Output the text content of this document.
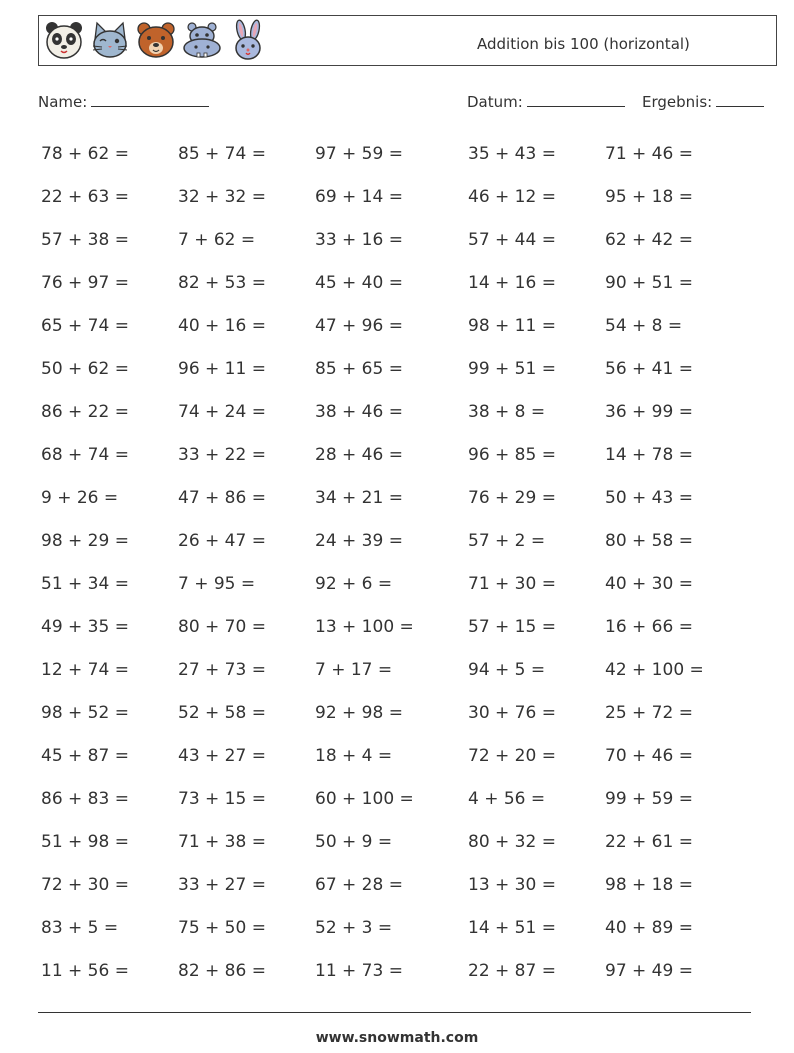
Addition bis 100 (horizontal)
Name:	Datum:	Ergebnis:
78 + 62 =	85 + 74 =	97 + 59 =	35 + 43 =	71 + 46 =
22 + 63 =	32 + 32 =	69 + 14 =	46 + 12 =	95 + 18 =
57 + 38 =	7 + 62 =	33 + 16 =	57 + 44 =	62 + 42 =
76 + 97 =	82 + 53 =	45 + 40 =	14 + 16 =	90 + 51 =
65 + 74 =	40 + 16 =	47 + 96 =	98 + 11 =	54 + 8 =
50 + 62 =	96 + 11 =	85 + 65 =	99 + 51 =	56 + 41 =
86 + 22 =	74 + 24 =	38 + 46 =	38 + 8 =	36 + 99 =
68 + 74 =	33 + 22 =	28 + 46 =	96 + 85 =	14 + 78 =
9 + 26 =	47 + 86 =	34 + 21 =	76 + 29 =	50 + 43 =
98 + 29 =	26 + 47 =	24 + 39 =	57 + 2 =	80 + 58 =
51 + 34 =	7 + 95 =	92 + 6 =	71 + 30 =	40 + 30 =
49 + 35 =	80 + 70 =	13 + 100 =	57 + 15 =	16 + 66 =
12 + 74 =	27 + 73 =	7 + 17 =	94 + 5 =	42 + 100 =
98 + 52 =	52 + 58 =	92 + 98 =	30 + 76 =	25 + 72 =
45 + 87 =	43 + 27 =	18 + 4 =	72 + 20 =	70 + 46 =
86 + 83 =	73 + 15 =	60 + 100 =	4 + 56 =	99 + 59 =
51 + 98 =	71 + 38 =	50 + 9 =	80 + 32 =	22 + 61 =
72 + 30 =	33 + 27 =	67 + 28 =	13 + 30 =	98 + 18 =
83 + 5 =	75 + 50 =	52 + 3 =	14 + 51 =	40 + 89 =
11 + 56 =	82 + 86 =	11 + 73 =	22 + 87 =	97 + 49 =
www.snowmath.com
